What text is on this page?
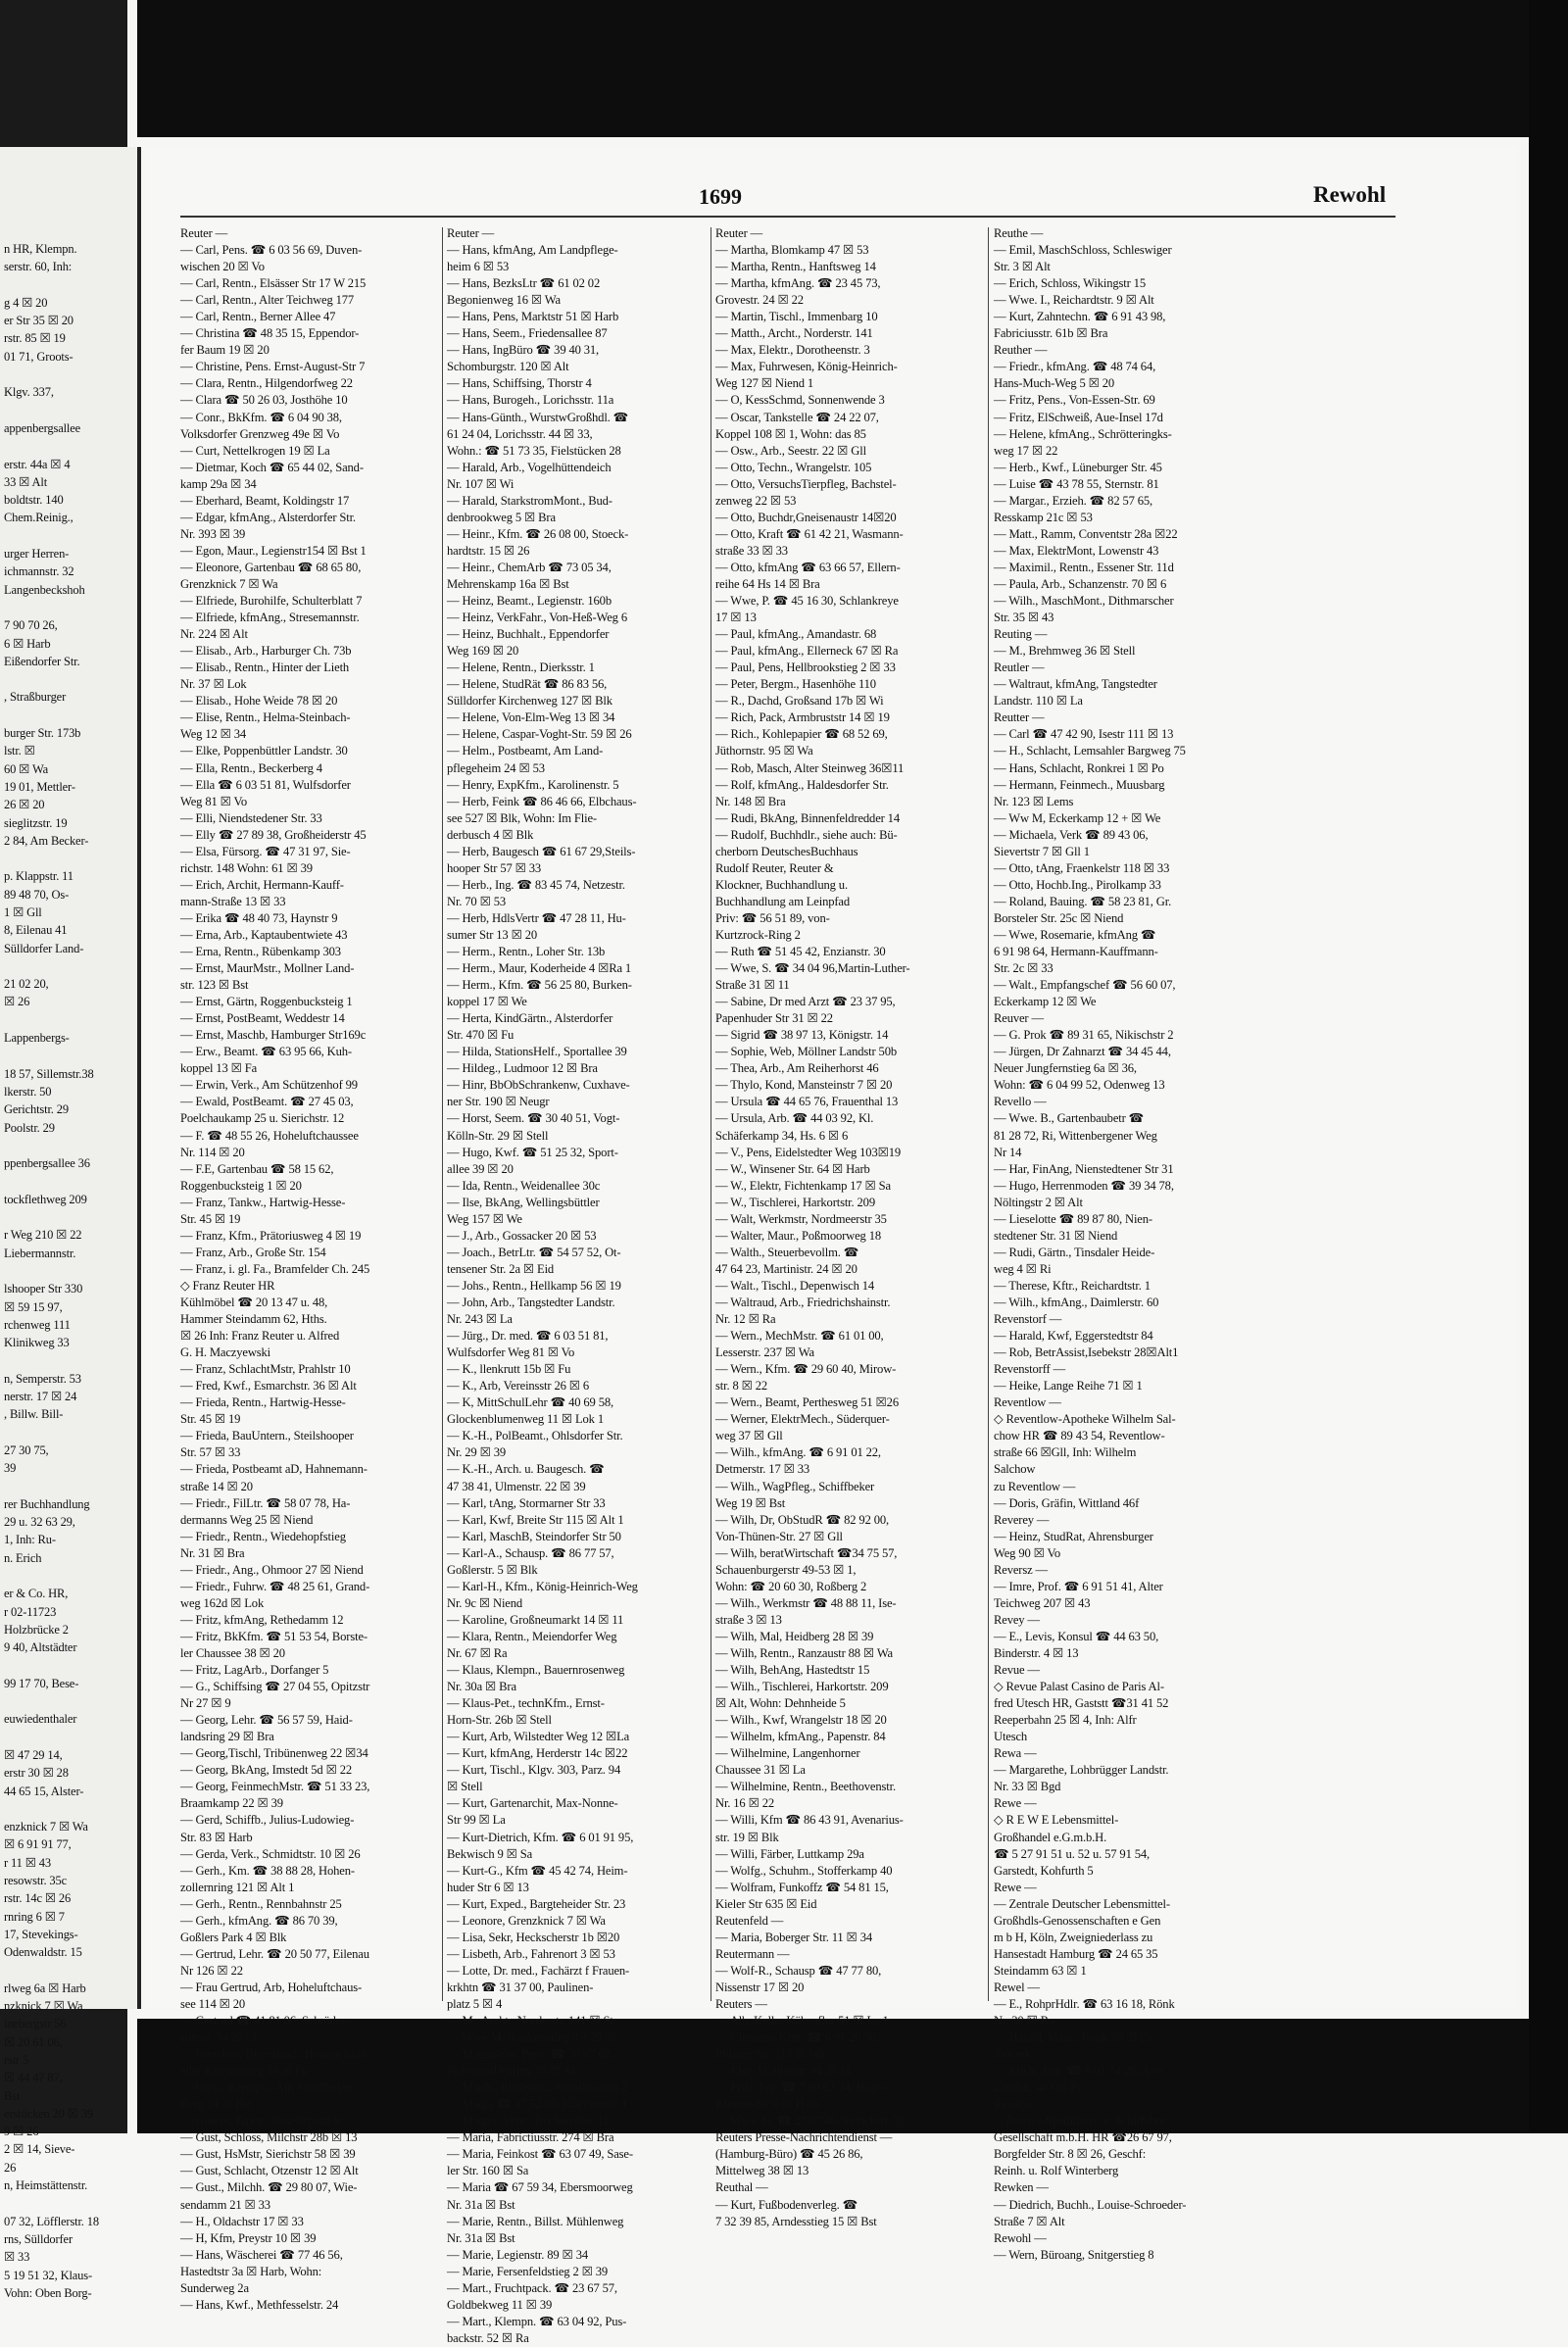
n HR, Klempn.
serstr. 60, Inh:

g 4 ☒ 20
er Str 35 ☒ 20
rstr. 85 ☒ 19
01 71, Groots-

Klgv. 337,

appenbergsallee

erstr. 44a ☒ 4
33 ☒ Alt
boldtstr. 140
Chem.Reinig.,

urger Herren-
ichmannstr. 32
Langenbeckshoh

7 90 70 26,
6 ☒ Harb
Eißendorfer Str.

, Straßburger

burger Str. 173b
lstr. ☒
60 ☒ Wa
19 01, Mettler-
26 ☒ 20
sieglitzstr. 19
2 84, Am Becker-

p. Klappstr. 11
89 48 70, Os-
1 ☒ Gll
8, Eilenau 41
Sülldorfer Land-

21 02 20,
☒ 26

Lappenbergs-

18 57, Sillemstr.38
lkerstr. 50
Gerichtstr. 29
Poolstr. 29

ppenbergsallee 36

tockflethweg 209

r Weg 210 ☒ 22
Liebermannstr.

lshooper Str 330
☒ 59 15 97,
rchenweg 111
Klinikweg 33

n, Semperstr. 53
nerstr. 17 ☒ 24
, Billw. Bill-

27 30 75,
39

rer Buchhandlung
29 u. 32 63 29,
1, Inh: Ru-
n. Erich

er & Co. HR,
r 02-11723
Holzbrücke 2
9 40, Altstädter

99 17 70, Bese-

euwiedenthaler

☒ 47 29 14,
erstr 30 ☒ 28
44 65 15, Alster-

enzknick 7 ☒ Wa
☒ 6 91 91 77,
r 11 ☒ 43
resowstr. 35c
rstr. 14c ☒ 26
rnring 6 ☒ 7
17, Stevekings-
Odenwaldstr. 15

rlweg 6a ☒ Harb
nzknick 7 ☒ Wa
inebergstr 56
☒ 20 61 06,
rstr 5
☒ 44 47 87,
Bst
erstücken 20 ☒ 39
9 ☒ 26
2 ☒ 14, Sieve-
26
n, Heimstättenstr.

07 32, Löfflerstr. 18
rns, Sülldorfer
☒ 33
5 19 51 32, Klaus-
Vohn: Oben Borg-
1699	Rewohl
Reuter —
— Carl, Pens. ☎ 6 03 56 69, Duven-
wischen 20 ☒ Vo
— Carl, Rentn., Elsässer Str 17 W 215
— Carl, Rentn., Alter Teichweg 177
— Carl, Rentn., Berner Allee 47
— Christina ☎ 48 35 15, Eppendor-
fer Baum 19 ☒ 20
— Christine, Pens. Ernst-August-Str 7
— Clara, Rentn., Hilgendorfweg 22
— Clara ☎ 50 26 03, Josthöhe 10
— Conr., BkKfm. ☎ 6 04 90 38,
Volksdorfer Grenzweg 49e ☒ Vo
— Curt, Nettelkrogen 19 ☒ La
— Dietmar, Koch ☎ 65 44 02, Sand-
kamp 29a ☒ 34
— Eberhard, Beamt, Koldingstr 17
— Edgar, kfmAng., Alsterdorfer Str.
Nr. 393 ☒ 39
— Egon, Maur., Legienstr154 ☒ Bst 1
— Eleonore, Gartenbau ☎ 68 65 80,
Grenzknick 7 ☒ Wa
— Elfriede, Burohilfe, Schulterblatt 7
— Elfriede, kfmAng., Stresemannstr.
Nr. 224 ☒ Alt
— Elisab., Arb., Harburger Ch. 73b
— Elisab., Rentn., Hinter der Lieth
Nr. 37 ☒ Lok
— Elisab., Hohe Weide 78 ☒ 20
— Elise, Rentn., Helma-Steinbach-
Weg 12 ☒ 34
— Elke, Poppenbüttler Landstr. 30
— Ella, Rentn., Beckerberg 4
— Ella ☎ 6 03 51 81, Wulfsdorfer
Weg 81 ☒ Vo
— Elli, Niendstedener Str. 33
— Elly ☎ 27 89 38, Großheiderstr 45
— Elsa, Fürsorg. ☎ 47 31 97, Sie-
richstr. 148 Wohn: 61 ☒ 39
— Erich, Archit, Hermann-Kauff-
mann-Straße 13 ☒ 33
— Erika ☎ 48 40 73, Haynstr 9
— Erna, Arb., Kaptaubentwiete 43
— Erna, Rentn., Rübenkamp 303
— Ernst, MaurMstr., Mollner Land-
str. 123 ☒ Bst
— Ernst, Gärtn, Roggenbucksteig 1
— Ernst, PostBeamt, Weddestr 14
— Ernst, Maschb, Hamburger Str169c
— Erw., Beamt. ☎ 63 95 66, Kuh-
koppel 13 ☒ Fa
— Erwin, Verk., Am Schützenhof 99
— Ewald, PostBeamt. ☎ 27 45 03,
Poelchaukamp 25 u. Sierichstr. 12
— F. ☎ 48 55 26, Hoheluftchaussee
Nr. 114 ☒ 20
— F.E, Gartenbau ☎ 58 15 62,
Roggenbucksteig 1 ☒ 20
— Franz, Tankw., Hartwig-Hesse-
Str. 45 ☒ 19
— Franz, Kfm., Prätoriusweg 4 ☒ 19
— Franz, Arb., Große Str. 154
— Franz, i. gl. Fa., Bramfelder Ch. 245
◇ Franz Reuter HR
Kühlmöbel ☎ 20 13 47 u. 48,
Hammer Steindamm 62, Hths.
☒ 26 Inh: Franz Reuter u. Alfred
G. H. Maczyewski
— Franz, SchlachtMstr, Prahlstr 10
— Fred, Kwf., Esmarchstr. 36 ☒ Alt
— Frieda, Rentn., Hartwig-Hesse-
Str. 45 ☒ 19
— Frieda, BauUntern., Steilshooper
Str. 57 ☒ 33
— Frieda, Postbeamt aD, Hahnemann-
straße 14 ☒ 20
— Friedr., FilLtr. ☎ 58 07 78, Ha-
dermanns Weg 25 ☒ Niend
— Friedr., Rentn., Wiedehopfstieg
Nr. 31 ☒ Bra
— Friedr., Ang., Ohmoor 27 ☒ Niend
— Friedr., Fuhrw. ☎ 48 25 61, Grand-
weg 162d ☒ Lok
— Fritz, kfmAng, Rethedamm 12
— Fritz, BkKfm. ☎ 51 53 54, Borste-
ler Chaussee 38 ☒ 20
— Fritz, LagArb., Dorfanger 5
— G., Schiffsing ☎ 27 04 55, Opitzstr
Nr 27 ☒ 9
— Georg, Lehr. ☎ 56 57 59, Haid-
landsring 29 ☒ Bra
— Georg,Tischl, Tribünenweg 22 ☒34
— Georg, BkAng, Imstedt 5d ☒ 22
— Georg, FeinmechMstr. ☎ 51 33 23,
Braamkamp 22 ☒ 39
— Gerd, Schiffb., Julius-Ludowieg-
Str. 83 ☒ Harb
— Gerda, Verk., Schmidtstr. 10 ☒ 26
— Gerh., Km. ☎ 38 88 28, Hohen-
zollernring 121 ☒ Alt 1
— Gerh., Rentn., Rennbahnstr 25
— Gerh., kfmAng. ☎ 86 70 39,
Goßlers Park 4 ☒ Blk
— Gertrud, Lehr. ☎ 20 50 77, Eilenau
Nr 126 ☒ 22
— Frau Gertrud, Arb, Hoheluftchaus-
see 114 ☒ 20
— Gertrud ☎ 41 81 06, Schröder-
stiftstr. 34 ☒ 13
— Gretchen, BlumBind., Hummelsbüt-
teler Kirchenweg 39 ☒ Fu
— Günt., Klempn., Am Schiffbeker
Berg 14 ☒ Bst
— Gustav, Tapez., Beselerplatz 9
— Gust, Schloss, Milchstr 28b ☒ 13
— Gust, HsMstr, Sierichstr 58 ☒ 39
— Gust, Schlacht, Otzenstr 12 ☒ Alt
— Gust., Milchh. ☎ 29 80 07, Wie-
sendamm 21 ☒ 33
— H., Oldachstr 17 ☒ 33
— H, Kfm, Preystr 10 ☒ 39
— Hans, Wäscherei ☎ 77 46 56,
Hastedtstr 3a ☒ Harb, Wohn:
Sunderweg 2a
— Hans, Kwf., Methfesselstr. 24
Reuter —
— Hans, kfmAng, Am Landpflege-
heim 6 ☒ 53
— Hans, BezksLtr ☎ 61 02 02
Begonienweg 16 ☒ Wa
— Hans, Pens, Marktstr 51 ☒ Harb
— Hans, Seem., Friedensallee 87
— Hans, IngBüro ☎ 39 40 31,
Schomburgstr. 120 ☒ Alt
— Hans, Schiffsing, Thorstr 4
— Hans, Burogeh., Lorichsstr. 11a
— Hans-Günth., WurstwGroßhdl. ☎
61 24 04, Lorichsstr. 44 ☒ 33,
Wohn.: ☎ 51 73 35, Fielstücken 28
— Harald, Arb., Vogelhüttendeich
Nr. 107 ☒ Wi
— Harald, StarkstromMont., Bud-
denbrookweg 5 ☒ Bra
— Heinr., Kfm. ☎ 26 08 00, Stoeck-
hardtstr. 15 ☒ 26
— Heinr., ChemArb ☎ 73 05 34,
Mehrenskamp 16a ☒ Bst
— Heinz, Beamt., Legienstr. 160b
— Heinz, VerkFahr., Von-Heß-Weg 6
— Heinz, Buchhalt., Eppendorfer
Weg 169 ☒ 20
— Helene, Rentn., Dierksstr. 1
— Helene, StudRät ☎ 86 83 56,
Sülldorfer Kirchenweg 127 ☒ Blk
— Helene, Von-Elm-Weg 13 ☒ 34
— Helene, Caspar-Voght-Str. 59 ☒ 26
— Helm., Postbeamt, Am Land-
pflegeheim 24 ☒ 53
— Henry, ExpKfm., Karolinenstr. 5
— Herb, Feink ☎ 86 46 66, Elbchaus-
see 527 ☒ Blk, Wohn: Im Flie-
derbusch 4 ☒ Blk
— Herb, Baugesch ☎ 61 67 29,Steils-
hooper Str 57 ☒ 33
— Herb., Ing. ☎ 83 45 74, Netzestr.
Nr. 70 ☒ 53
— Herb, HdlsVertr ☎ 47 28 11, Hu-
sumer Str 13 ☒ 20
— Herm., Rentn., Loher Str. 13b
— Herm., Maur, Koderheide 4 ☒Ra 1
— Herm., Kfm. ☎ 56 25 80, Burken-
koppel 17 ☒ We
— Herta, KindGärtn., Alsterdorfer
Str. 470 ☒ Fu
— Hilda, StationsHelf., Sportallee 39
— Hildeg., Ludmoor 12 ☒ Bra
— Hinr, BbObSchrankenw, Cuxhave-
ner Str. 190 ☒ Neugr
— Horst, Seem. ☎ 30 40 51, Vogt-
Kölln-Str. 29 ☒ Stell
— Hugo, Kwf. ☎ 51 25 32, Sport-
allee 39 ☒ 20
— Ida, Rentn., Weidenallee 30c
— Ilse, BkAng, Wellingsbüttler
Weg 157 ☒ We
— J., Arb., Gossacker 20 ☒ 53
— Joach., BetrLtr. ☎ 54 57 52, Ot-
tensener Str. 2a ☒ Eid
— Johs., Rentn., Hellkamp 56 ☒ 19
— John, Arb., Tangstedter Landstr.
Nr. 243 ☒ La
— Jürg., Dr. med. ☎ 6 03 51 81,
Wulfsdorfer Weg 81 ☒ Vo
— K., llenkrutt 15b ☒ Fu
— K., Arb, Vereinsstr 26 ☒ 6
— K, MittSchulLehr ☎ 40 69 58,
Glockenblumenweg 11 ☒ Lok 1
— K.-H., PolBeamt., Ohlsdorfer Str.
Nr. 29 ☒ 39
— K.-H., Arch. u. Baugesch. ☎
47 38 41, Ulmenstr. 22 ☒ 39
— Karl, tAng, Stormarner Str 33
— Karl, Kwf, Breite Str 115 ☒ Alt 1
— Karl, MaschB, Steindorfer Str 50
— Karl-A., Schausp. ☎ 86 77 57,
Goßlerstr. 5 ☒ Blk
— Karl-H., Kfm., König-Heinrich-Weg
Nr. 9c ☒ Niend
— Karoline, Großneumarkt 14 ☒ 11
— Klara, Rentn., Meiendorfer Weg
Nr. 67 ☒ Ra
— Klaus, Klempn., Bauernrosenweg
Nr. 30a ☒ Bra
— Klaus-Pet., technKfm., Ernst-
Horn-Str. 26b ☒ Stell
— Kurt, Arb, Wilstedter Weg 12 ☒La
— Kurt, kfmAng, Herderstr 14c ☒22
— Kurt, Tischl., Klgv. 303, Parz. 94
☒ Stell
— Kurt, Gartenarchit, Max-Nonne-
Str 99 ☒ La
— Kurt-Dietrich, Kfm. ☎ 6 01 91 95,
Bekwisch 9 ☒ Sa
— Kurt-G., Kfm ☎ 45 42 74, Heim-
huder Str 6 ☒ 13
— Kurt, Exped., Bargteheider Str. 23
— Leonore, Grenzknick 7 ☒ Wa
— Lisa, Sekr, Heckscherstr 1b ☒20
— Lisbeth, Arb., Fahrenort 3 ☒ 53
— Lotte, Dr. med., Fachärzt f Frauen-
krkhtn ☎ 31 37 00, Paulinen-
platz 5 ☒ 4
— M., Archt., Norderstr. 141 ☒ St
— Wwe M, Roldornstieg 8 + ☒ 39
— Magdalene, Pens. ☎ 38 97 62,
Hohenzollernring 35 ☒ Alt
— Manfr., BbBeamt., Koralliusring 2
— Marga ☎ 47 52 69, Klärchenstr 1
— Margot, Vertr., Buchenallee 11
— Maria, Fabrictiusstr. 274 ☒ Bra
— Maria, Feinkost ☎ 63 07 49, Sase-
ler Str. 160 ☒ Sa
— Maria ☎ 67 59 34, Ebersmoorweg
Nr. 31a ☒ Bst
— Marie, Rentn., Billst. Mühlenweg
Nr. 31a ☒ Bst
— Marie, Legienstr. 89 ☒ 34
— Marie, Fersenfeldstieg 2 ☒ 39
— Mart., Fruchtpack. ☎ 23 67 57,
Goldbekweg 11 ☒ 39
— Mart., Klempn. ☎ 63 04 92, Pus-
backstr. 52 ☒ Ra
Reuter —
— Martha, Blomkamp 47 ☒ 53
— Martha, Rentn., Hanftsweg 14
— Martha, kfmAng. ☎ 23 45 73,
Grovestr. 24 ☒ 22
— Martin, Tischl., Immenbarg 10
— Matth., Archt., Norderstr. 141
— Max, Elektr., Dorotheenstr. 3
— Max, Fuhrwesen, König-Heinrich-
Weg 127 ☒ Niend 1
— O, KessSchmd, Sonnenwende 3
— Oscar, Tankstelle ☎ 24 22 07,
Koppel 108 ☒ 1, Wohn: das 85
— Osw., Arb., Seestr. 22 ☒ Gll
— Otto, Techn., Wrangelstr. 105
— Otto, VersuchsTierpfleg, Bachstel-
zenweg 22 ☒ 53
— Otto, Buchdr,Gneisenaustr 14☒20
— Otto, Kraft ☎ 61 42 21, Wasmann-
straße 33 ☒ 33
— Otto, kfmAng ☎ 63 66 57, Ellern-
reihe 64 Hs 14 ☒ Bra
— Wwe, P. ☎ 45 16 30, Schlankreye
17 ☒ 13
— Paul, kfmAng., Amandastr. 68
— Paul, kfmAng., Ellerneck 67 ☒ Ra
— Paul, Pens, Hellbrookstieg 2 ☒ 33
— Peter, Bergm., Hasenhöhe 110
— R., Dachd, Großsand 17b ☒ Wi
— Rich, Pack, Armbruststr 14 ☒ 19
— Rich., Kohlepapier ☎ 68 52 69,
Jüthornstr. 95 ☒ Wa
— Rob, Masch, Alter Steinweg 36☒11
— Rolf, kfmAng., Haldesdorfer Str.
Nr. 148 ☒ Bra
— Rudi, BkAng, Binnenfeldredder 14
— Rudolf, Buchhdlr., siehe auch: Bü-
cherborn DeutschesBuchhaus
Rudolf Reuter, Reuter &
Klockner, Buchhandlung u.
Buchhandlung am Leinpfad
Priv: ☎ 56 51 89, von-
Kurtzrock-Ring 2
— Ruth ☎ 51 45 42, Enzianstr. 30
— Wwe, S. ☎ 34 04 96,Martin-Luther-
Straße 31 ☒ 11
— Sabine, Dr med Arzt ☎ 23 37 95,
Papenhuder Str 31 ☒ 22
— Sigrid ☎ 38 97 13, Königstr. 14
— Sophie, Web, Möllner Landstr 50b
— Thea, Arb., Am Reiherhorst 46
— Thylo, Kond, Mansteinstr 7 ☒ 20
— Ursula ☎ 44 65 76, Frauenthal 13
— Ursula, Arb. ☎ 44 03 92, Kl.
Schäferkamp 34, Hs. 6 ☒ 6
— V., Pens, Eidelstedter Weg 103☒19
— W., Winsener Str. 64 ☒ Harb
— W., Elektr, Fichtenkamp 17 ☒ Sa
— W., Tischlerei, Harkortstr. 209
— Walt, Werkmstr, Nordmeerstr 35
— Walter, Maur., Poßmoorweg 18
— Walth., Steuerbevollm. ☎
47 64 23, Martinistr. 24 ☒ 20
— Walt., Tischl., Depenwisch 14
— Waltraud, Arb., Friedrichshainstr.
Nr. 12 ☒ Ra
— Wern., MechMstr. ☎ 61 01 00,
Lesserstr. 237 ☒ Wa
— Wern., Kfm. ☎ 29 60 40, Mirow-
str. 8 ☒ 22
— Wern., Beamt, Perthesweg 51 ☒26
— Werner, ElektrMech., Süderquer-
weg 37 ☒ Gll
— Wilh., kfmAng. ☎ 6 91 01 22,
Detmerstr. 17 ☒ 33
— Wilh., WagPfleg., Schiffbeker
Weg 19 ☒ Bst
— Wilh, Dr, ObStudR ☎ 82 92 00,
Von-Thünen-Str. 27 ☒ Gll
— Wilh, beratWirtschaft ☎34 75 57,
Schauenburgerstr 49-53 ☒ 1,
Wohn: ☎ 20 60 30, Roßberg 2
— Wilh., Werkmstr ☎ 48 88 11, Ise-
straße 3 ☒ 13
— Wilh, Mal, Heidberg 28 ☒ 39
— Wilh, Rentn., Ranzaustr 88 ☒ Wa
— Wilh, BehAng, Hastedtstr 15
— Wilh., Tischlerei, Harkortstr. 209
☒ Alt, Wohn: Dehnheide 5
— Wilh., Kwf, Wrangelstr 18 ☒ 20
— Wilhelm, kfmAng., Papenstr. 84
— Wilhelmine, Langenhorner
Chaussee 31 ☒ La
— Wilhelmine, Rentn., Beethovenstr.
Nr. 16 ☒ 22
— Willi, Kfm ☎ 86 43 91, Avenarius-
str. 19 ☒ Blk
— Willi, Färber, Luttkamp 29a
— Wolfg., Schuhm., Stofferkamp 40
— Wolfram, Funkoffz ☎ 54 81 15,
Kieler Str 635 ☒ Eid
Reutenfeld —
— Maria, Boberger Str. 11 ☒ 34
Reutermann —
— Wolf-R., Schausp ☎ 47 77 80,
Nissenstr 17 ☒ 20
Reuters —
— Alb, Kelln, Käkenflur 51 ☒ La 1
— Clemens, Kfm. ☎ 6 91 20 30,
Pillauer Str. 113 ☒ Wa
— Else, Mühlenstr 34 ☒ 34
— Fritz, Ing. ☎ 7 90 62 34, Hugo-
Klemm-Str 8 ☒ Harb
— Wwe, G. ☎ 27 87 46, Sierichstr 73
Reuters Presse-Nachrichtendienst —
(Hamburg-Büro) ☎ 45 26 86,
Mittelweg 38 ☒ 13
Reuthal —
— Kurt, Fußbodenverleg. ☎
7 32 39 85, Arndesstieg 15 ☒ Bst
Reuthe —
— Emil, MaschSchloss, Schleswiger
Str. 3 ☒ Alt
— Erich, Schloss, Wikingstr 15
— Wwe. I., Reichardtstr. 9 ☒ Alt
— Kurt, Zahntechn. ☎ 6 91 43 98,
Fabriciusstr. 61b ☒ Bra
Reuther —
— Friedr., kfmAng. ☎ 48 74 64,
Hans-Much-Weg 5 ☒ 20
— Fritz, Pens., Von-Essen-Str. 69
— Fritz, ElSchweiß, Aue-Insel 17d
— Helene, kfmAng., Schrötteringks-
weg 17 ☒ 22
— Herb., Kwf., Lüneburger Str. 45
— Luise ☎ 43 78 55, Sternstr. 81
— Margar., Erzieh. ☎ 82 57 65,
Resskamp 21c ☒ 53
— Matt., Ramm, Conventstr 28a ☒22
— Max, ElektrMont, Lowenstr 43
— Maximil., Rentn., Essener Str. 11d
— Paula, Arb., Schanzenstr. 70 ☒ 6
— Wilh., MaschMont., Dithmarscher
Str. 35 ☒ 43
Reuting —
— M., Brehmweg 36 ☒ Stell
Reutler —
— Waltraut, kfmAng, Tangstedter
Landstr. 110 ☒ La
Reutter —
— Carl ☎ 47 42 90, Isestr 111 ☒ 13
— H., Schlacht, Lemsahler Bargweg 75
— Hans, Schlacht, Ronkrei 1 ☒ Po
— Hermann, Feinmech., Muusbarg
Nr. 123 ☒ Lems
— Ww M, Eckerkamp 12 + ☒ We
— Michaela, Verk ☎ 89 43 06,
Sievertstr 7 ☒ Gll 1
— Otto, tAng, Fraenkelstr 118 ☒ 33
— Otto, Hochb.Ing., Pirolkamp 33
— Roland, Bauing. ☎ 58 23 81, Gr.
Borsteler Str. 25c ☒ Niend
— Wwe, Rosemarie, kfmAng ☎
6 91 98 64, Hermann-Kauffmann-
Str. 2c ☒ 33
— Walt., Empfangschef ☎ 56 60 07,
Eckerkamp 12 ☒ We
Reuver —
— G. Prok ☎ 89 31 65, Nikischstr 2
— Jürgen, Dr Zahnarzt ☎ 34 45 44,
Neuer Jungfernstieg 6a ☒ 36,
Wohn: ☎ 6 04 99 52, Odenweg 13
Revello —
— Wwe. B., Gartenbaubetr ☎
81 28 72, Ri, Wittenbergener Weg
Nr 14
— Har, FinAng, Nienstedtener Str 31
— Hugo, Herrenmoden ☎ 39 34 78,
Nöltingstr 2 ☒ Alt
— Lieselotte ☎ 89 87 80, Nien-
stedtener Str. 31 ☒ Niend
— Rudi, Gärtn., Tinsdaler Heide-
weg 4 ☒ Ri
— Therese, Kftr., Reichardtstr. 1
— Wilh., kfmAng., Daimlerstr. 60
Revenstorf —
— Harald, Kwf, Eggerstedtstr 84
— Rob, BetrAssist,Isebekstr 28☒Alt1
Revenstorff —
— Heike, Lange Reihe 71 ☒ 1
Reventlow —
◇ Reventlow-Apotheke Wilhelm Sal-
chow HR ☎ 89 43 54, Reventlow-
straße 66 ☒Gll, Inh: Wilhelm
Salchow
zu Reventlow —
— Doris, Gräfin, Wittland 46f
Reverey —
— Heinz, StudRat, Ahrensburger
Weg 90 ☒ Vo
Reversz —
— Imre, Prof. ☎ 6 91 51 41, Alter
Teichweg 207 ☒ 43
Revey —
— E., Levis, Konsul ☎ 44 63 50,
Binderstr. 4 ☒ 13
Revue —
◇ Revue Palast Casino de Paris Al-
fred Utesch HR, Gaststt ☎31 41 52
Reeperbahn 25 ☒ 4, Inh: Alfr
Utesch
Rewa —
— Margarethe, Lohbrügger Landstr.
Nr. 33 ☒ Bgd
Rewe —
◇ R E W E Lebensmittel-
Großhandel e.G.m.b.H.
☎ 5 27 91 51 u. 52 u. 57 91 54,
Garstedt, Kohfurth 5
Rewe —
— Zentrale Deutscher Lebensmittel-
Großhdls-Genossenschaften e Gen
m b H, Köln, Zweigniederlass zu
Hansestadt Hamburg ☎ 24 65 35
Steindamm 63 ☒ 1
Rewel —
— E., RohprHdlr. ☎ 63 16 18, Rönk
Nr. 30 ☒ Ra
— Harald, Maur., Rönk 30 ☒ Fa
Rewerk —
— Erich, Ang. ☎ 6 01 74 29, Alte
Landstr. 403 ☒ Po
Rewico —
◇ Rewico Speditions- u. Schiffahrts-
Gesellschaft m.b.H. HR ☎26 67 97,
Borgfelder Str. 8 ☒ 26, Geschf:
Reinh. u. Rolf Winterberg
Rewken —
— Diedrich, Buchh., Louise-Schroeder-
Straße 7 ☒ Alt
Rewohl —
— Wern, Büroang, Snitgerstieg 8
